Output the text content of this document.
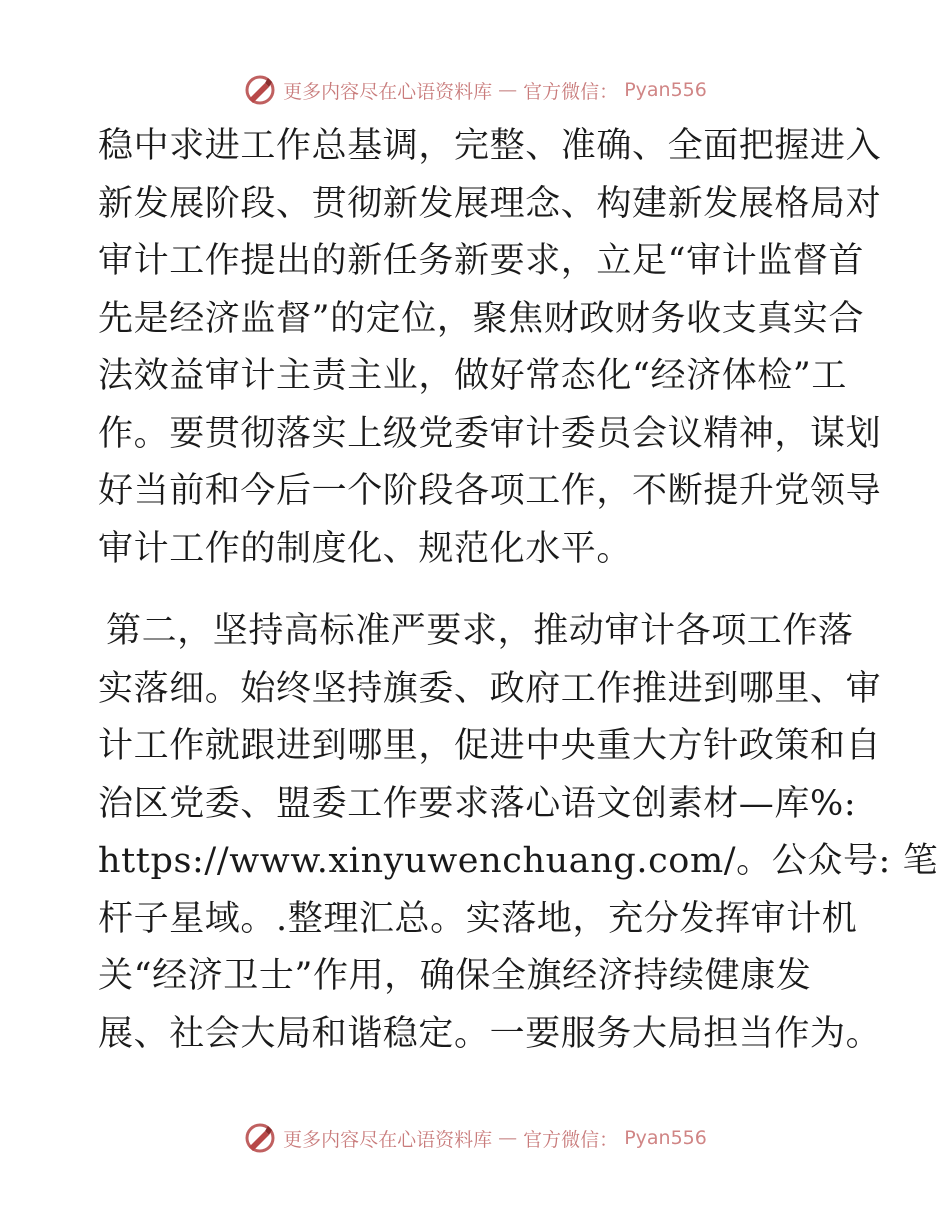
更多内容尽在心语资料库 — 官方微信： Pyan556
稳中求进工作总基调，完整、准确、全面把握进入
新发展阶段、贯彻新发展理念、构建新发展格局对
审计工作提出的新任务新要求，立足“审计监督首
先是经济监督”的定位，聚焦财政财务收支真实合
法效益审计主责主业，做好常态化“经济体检”工
作。要贯彻落实上级党委审计委员会议精神，谋划
好当前和今后一个阶段各项工作，不断提升党领导
审计工作的制度化、规范化水平。
第二，坚持高标准严要求，推动审计各项工作落
实落细。始终坚持旗委、政府工作推进到哪里、审
计工作就跟进到哪里，促进中央重大方针政策和自
治区党委、盟委工作要求落心语文创素材—库%:
https://www.xinyuwenchuang.com/。公众号: 笔
杆子星域。.整理汇总。实落地，充分发挥审计机
关“经济卫士”作用，确保全旗经济持续健康发
展、社会大局和谐稳定。一要服务大局担当作为。
更多内容尽在心语资料库 — 官方微信： Pyan556
